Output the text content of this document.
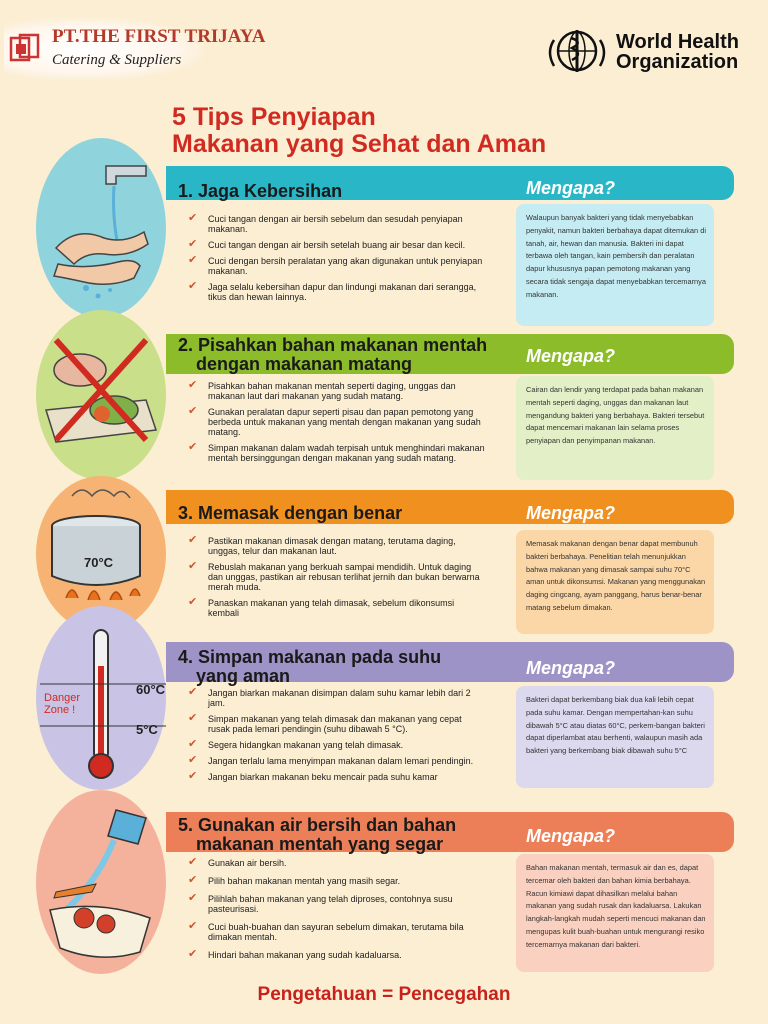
PT.THE FIRST TRIJAYA
Catering & Suppliers
World Health
Organization
5 Tips Penyiapan
Makanan yang Sehat dan Aman
1. Jaga Kebersihan	Mengapa?
✔ Cuci tangan dengan air bersih sebelum dan sesudah penyiapan makanan.
✔ Cuci tangan dengan air bersih setelah buang air besar dan kecil.
✔ Cuci dengan bersih peralatan yang akan digunakan untuk penyiapan makanan.
✔ Jaga selalu kebersihan dapur dan lindungi makanan dari serangga, tikus dan hewan lainnya.
Walaupun banyak bakteri yang tidak menyebabkan penyakit, namun bakteri berbahaya dapat ditemukan di tanah, air, hewan dan manusia. Bakteri ini dapat terbawa oleh tangan, kain pembersih dan peralatan dapur khususnya papan pemotong makanan yang secara tidak sengaja dapat menyebabkan tercemarnya makanan.
2. Pisahkan bahan makanan mentah
dengan makanan matang	Mengapa?
✔ Pisahkan bahan makanan mentah seperti daging, unggas dan makanan laut dari makanan yang sudah matang.
✔ Gunakan peralatan dapur seperti pisau dan papan pemotong yang berbeda untuk makanan yang mentah dengan makanan yang sudah matang.
✔ Simpan makanan dalam wadah terpisah untuk menghindari makanan mentah bersinggungan dengan makanan yang sudah matang.
Cairan dan lendir yang terdapat pada bahan makanan mentah seperti daging, unggas dan makanan laut mengandung bakteri yang berbahaya. Bakteri tersebut dapat mencemari makanan lain selama proses penyiapan dan penyimpanan makanan.
3. Memasak dengan benar	Mengapa?
70°C
✔ Pastikan makanan dimasak dengan matang, terutama daging, unggas, telur dan makanan laut.
✔ Rebuslah makanan yang berkuah sampai mendidih. Untuk daging dan unggas, pastikan air rebusan terlihat jernih dan bukan berwarna merah muda.
✔ Panaskan makanan yang telah dimasak, sebelum dikonsumsi kembali
Memasak makanan dengan benar dapat membunuh bakteri berbahaya. Penelitian telah menunjukkan bahwa makanan yang dimasak sampai suhu 70°C aman untuk dikonsumsi. Makanan yang menggunakan daging cingcang, ayam panggang, harus benar-benar matang sebelum dimakan.
Danger Zone !
60°C
5°C
4. Simpan makanan pada suhu
yang aman	Mengapa?
✔ Jangan biarkan makanan disimpan dalam suhu kamar lebih dari 2 jam.
✔ Simpan makanan yang telah dimasak dan makanan yang cepat rusak pada lemari pendingin (suhu dibawah 5 °C).
✔ Segera hidangkan makanan yang telah dimasak.
✔ Jangan terlalu lama menyimpan makanan dalam lemari pendingin.
✔ Jangan biarkan makanan beku mencair pada suhu kamar
Bakteri dapat berkembang biak dua kali lebih cepat pada suhu kamar. Dengan mempertahan-kan suhu dibawah 5°C atau diatas 60°C, perkem-bangan bakteri dapat diperlambat atau berhenti, walaupun masih ada bakteri yang berkembang biak dibawah suhu 5°C
5. Gunakan air bersih dan bahan
makanan mentah yang segar	Mengapa?
✔ Gunakan air bersih.
✔ Pilih bahan makanan mentah yang masih segar.
✔ Pilihlah bahan makanan yang telah diproses, contohnya susu pasteurisasi.
✔ Cuci buah-buahan dan sayuran sebelum dimakan, terutama bila dimakan mentah.
✔ Hindari bahan makanan yang sudah kadaluarsa.
Bahan makanan mentah, termasuk air dan es, dapat tercemar oleh bakteri dan bahan kimia berbahaya. Racun kimiawi dapat dihasilkan melalui bahan makanan yang sudah rusak dan kadaluarsa. Lakukan langkah-langkah mudah seperti mencuci makanan dan mengupas kulit buah-buahan untuk mengurangi resiko tercemarnya makanan dari bakteri.
Pengetahuan = Pencegahan
